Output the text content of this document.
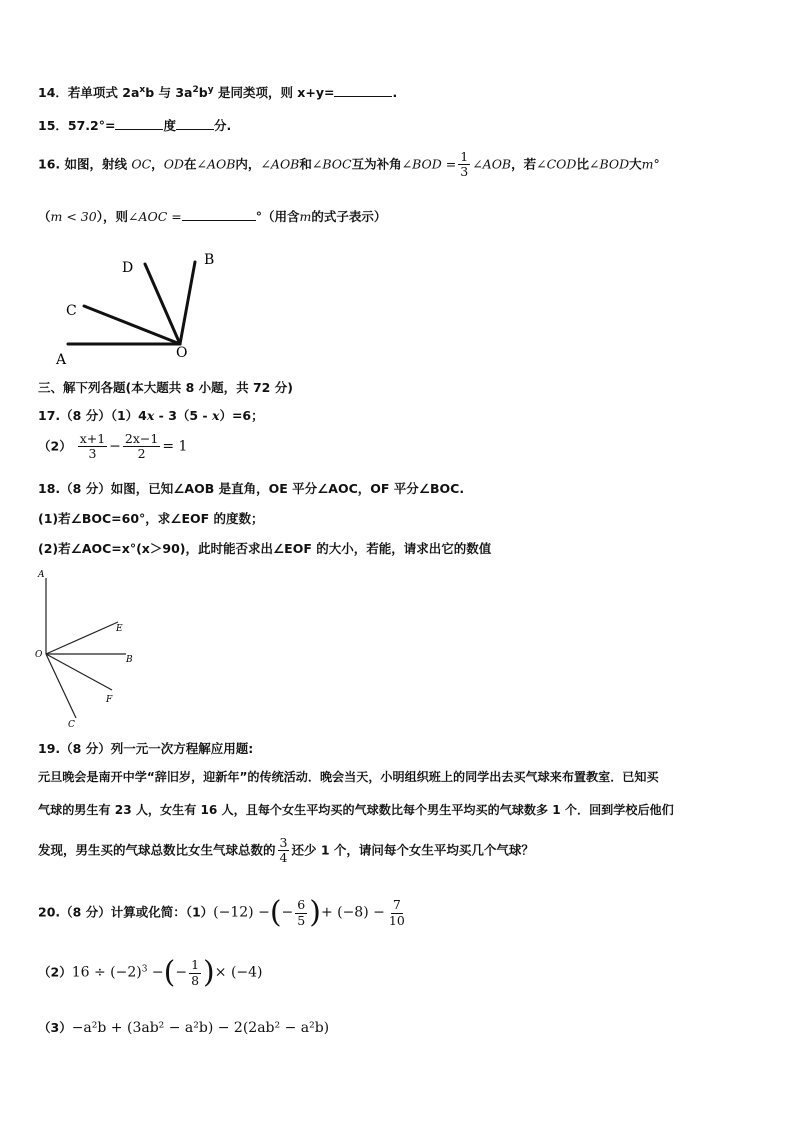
14．若单项式 $2a^xb$ 与 $3a^2b^y$ 是同类项，则 x+y=	.
15．57.2°=	度	分.
16. 如图，射线 OC，OD在∠AOB内，∠AOB和∠BOC互为补角∠BOD = $\frac{1}{3}$ ∠AOB，若∠COD比∠BOD大m°
（m < 30），则∠AOC =	°（用含m的式子表示）
A
C
D	B
O
三、解下列各题(本大题共 8 小题，共 72 分)
17.（8 分）（1）4x - 3（5 - x）=6；
$(2) \frac{x+1}{3} - \frac{2x-1}{2} = 1$
18.（8 分）如图，已知∠AOB 是直角，OE 平分∠AOC，OF 平分∠BOC.
(1)若∠BOC=60°，求∠EOF 的度数；
(2)若∠AOC=x°(x＞90)，此时能否求出∠EOF 的大小，若能，请求出它的数值
A
E
O	B
F
C
19.（8 分）列一元一次方程解应用题:
元旦晚会是南开中学“辞旧岁，迎新年”的传统活动．晚会当天，小明组织班上的同学出去买气球来布置教室．已知买
气球的男生有 23 人，女生有 16 人，且每个女生平均买的气球数比每个男生平均买的气球数多 1 个．回到学校后他们
发现，男生买的气球总数比女生气球总数的 $\frac{3}{4}$ 还少 1 个，请问每个女生平均买几个气球？
20.（8 分）计算或化简：（1）(−12) −(− $\frac{6}{5}$ )+ $(-8) - \frac{7}{10}$
$(2)16 \div (-2)^3$ −(− $\frac{1}{8}$ )× (−4)
（3）−a²b + (3ab² − a²b) − 2(2ab² − a²b)
